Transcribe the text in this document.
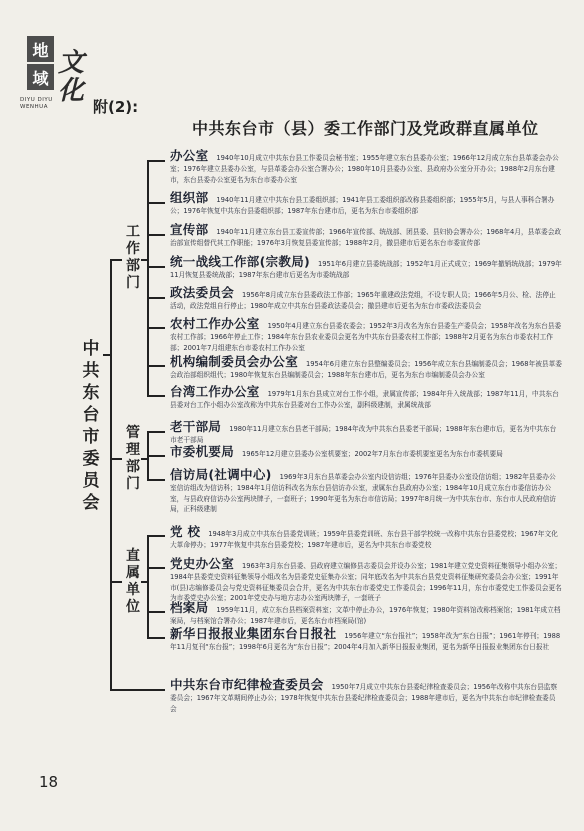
地
域 文
化
DIYU DIYU
WENHUA	附(2):
中共东台市（县）委工作部门及党政群直属单位
中共东台市委员会
工作部门
管理部门
直属单位
办公室 1940年10月成立中共东台县工作委员会秘书室；1955年建立东台县委办公室；1966年12月成立东台县革委会办公室；1976年建立县委办公室，与县革委会办公室合署办公；1980年10月县委办公室、县政府办公室分开办公；1988年2月东台建市，东台县委办公室更名为东台市委办公室
组织部 1940年11月建立中共东台县工委组织部；1941年县工委组织部改称县委组织部；1955年5月，与县人事科合署办公；1976年恢复中共东台县委组织部；1987年东台建市后，更名为东台市委组织部
宣传部 1940年11月建立东台县工委宣传部；1966年宣传部、统战部、团县委、县妇协会署办公；1968年4月，县革委会政治部宣传组替代其工作职能；1976年3月恢复县委宣传部；1988年2月，撤县建市后更名东台市委宣传部
统一战线工作部(宗教局) 1951年6月建立县委统战部；1952年1月正式成立；1969年撤销统战部；1979年11月恢复县委统战部；1987年东台建市后更名为市委统战部
政法委员会 1956年8月成立东台县委政法工作部；1965年重建政法党组，不设专职人员；1966年5月公、检、法停止活动，政法党组自行停止；1980年成立中共东台县委政法委员会；撤县建市后更名为东台市委政法委员会
农村工作办公室 1950年4月建立东台县委农委会；1952年3月改名为东台县委生产委员会；1958年改名为东台县委农村工作部；1966年停止工作；1984年东台县农业委员会更名为中共东台县委农村工作部；1988年2月更名为东台市委农村工作部；2001年7月组建东台市委农村工作办公室
机构编制委员会办公室 1954年6月建立东台县整编委员会；1956年成立东台县编制委员会；1968年被县革委会政治部组织组代；1980年恢复东台县编制委员会；1988年东台建市后，更名为东台市编制委员会办公室
台湾工作办公室 1979年1月东台县成立对台工作小组，隶属宣传部；1984年升入统战部；1987年11月，中共东台县委对台工作小组办公室改称为中共东台县委对台工作办公室，副科级建制，隶属统战部
老干部局 1980年11月建立东台县老干部局；1984年改为中共东台县委老干部局；1988年东台建市后，更名为中共东台市老干部局
市委机要局 1965年12月建立县委办公室机要室；2002年7月东台市委机要室更名为东台市委机要局
信访局(社调中心) 1969年3月东台县革委会办公室内设信访组；1976年县委办公室设信访组；1982年县委办公室信访组改为信访科；1984年1月信访科改名为东台县信访办公室，隶属东台县政府办公室；1984年10月成立东台市委信访办公室，与县政府信访办公室两块牌子，一套班子；1990年更名为东台市信访局；1997年8月统一为中共东台市、东台市人民政府信访局，正科级建制
党 校 1948年3月成立中共东台县委党训班；1959年县委党训班、东台县干部学校统一改称中共东台县委党校；1967年文化大革命停办；1977年恢复中共东台县委党校；1987年建市后，更名为中共东台市委党校
党史办公室 1963年3月东台县委、县政府建立编修县志委员会并设办公室；1981年建立党史资料征集领导小组办公室；1984年县委党史资料征集领导小组改名为县委党史征集办公室；同年底改名为中共东台县党史资料征集研究委员会办公室；1991年市(县)志编修委员会与党史资料征集委员会合并，更名为中共东台市委党史工作委员会；1996年11月，东台市委党史工作委员会更名为市委党史办公室；2001年党史办与地方志办公室两块牌子，一套班子
档案局 1959年11月，成立东台县档案资料室；文革中停止办公，1976年恢复；1980年资料馆改称档案馆；1981年成立档案局，与档案馆合署办公；1987年建市后，更名东台市档案局(馆)
新华日报报业集团东台日报社 1956年建立“东台报社”；1958年改为“东台日报”；1961年停刊；1988年11月复刊“东台报”；1998年6月更名为“东台日报”；2004年4月加入新华日报报业集团，更名为新华日报报业集团东台日报社
中共东台市纪律检查委员会 1950年7月成立中共东台县委纪律检查委员会；1956年改称中共东台县监察委员会；1967年文革期间停止办公；1978年恢复中共东台县委纪律检查委员会；1988年建市后，更名为中共东台市纪律检查委员会
18
